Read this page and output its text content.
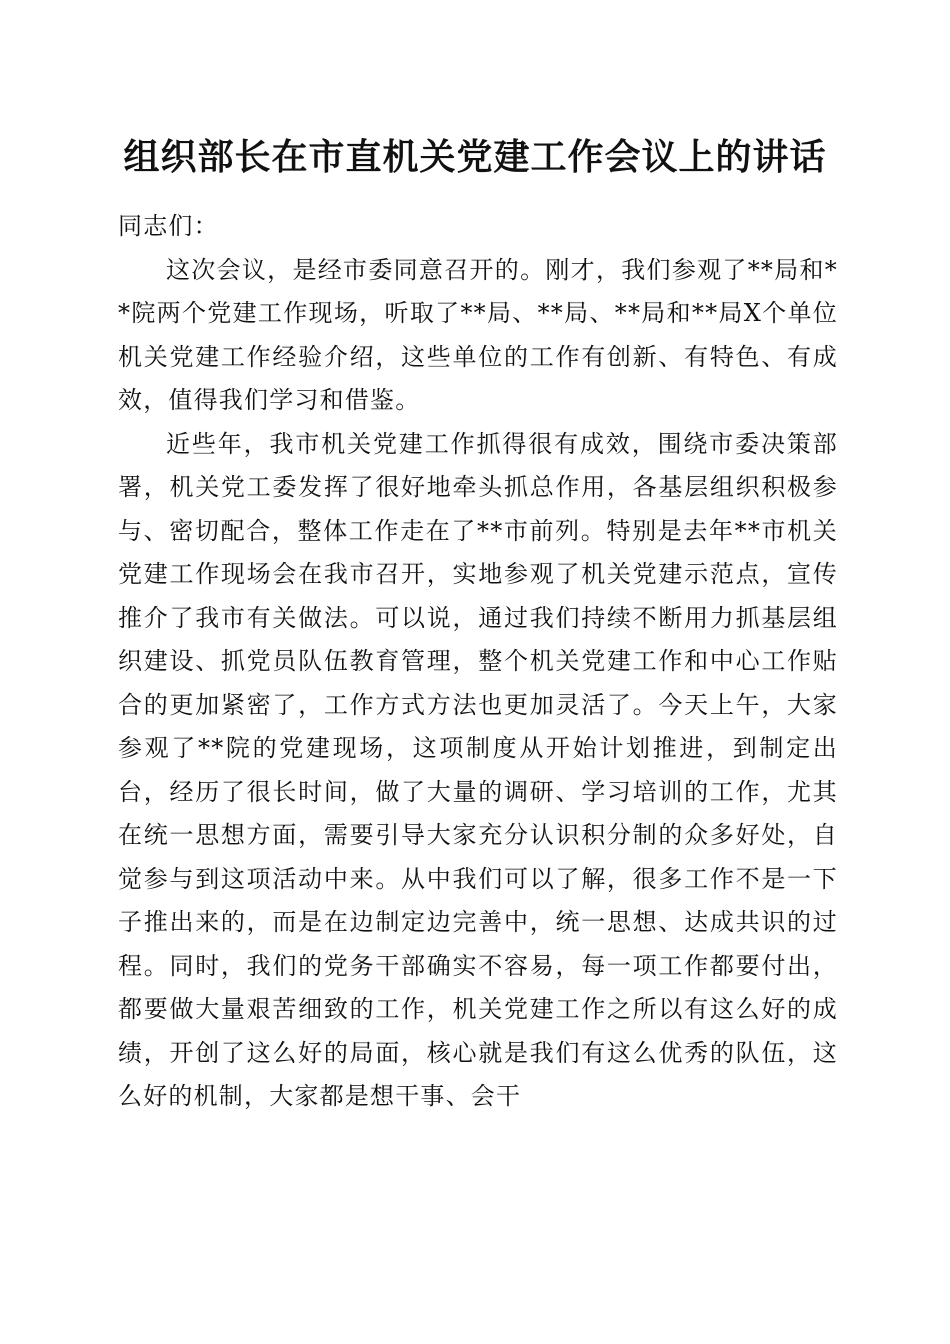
组织部长在市直机关党建工作会议上的讲话

同志们：

这次会议，是经市委同意召开的。刚才，我们参观了**局和**院两个党建工作现场，听取了**局、**局、**局和**局X个单位机关党建工作经验介绍，这些单位的工作有创新、有特色、有成效，值得我们学习和借鉴。

近些年，我市机关党建工作抓得很有成效，围绕市委决策部署，机关党工委发挥了很好地牵头抓总作用，各基层组织积极参与、密切配合，整体工作走在了**市前列。特别是去年**市机关党建工作现场会在我市召开，实地参观了机关党建示范点，宣传推介了我市有关做法。可以说，通过我们持续不断用力抓基层组织建设、抓党员队伍教育管理，整个机关党建工作和中心工作贴合的更加紧密了，工作方式方法也更加灵活了。今天上午，大家参观了**院的党建现场，这项制度从开始计划推进，到制定出台，经历了很长时间，做了大量的调研、学习培训的工作，尤其在统一思想方面，需要引导大家充分认识积分制的众多好处，自觉参与到这项活动中来。从中我们可以了解，很多工作不是一下子推出来的，而是在边制定边完善中，统一思想、达成共识的过程。同时，我们的党务干部确实不容易，每一项工作都要付出，都要做大量艰苦细致的工作，机关党建工作之所以有这么好的成绩，开创了这么好的局面，核心就是我们有这么优秀的队伍，这么好的机制，大家都是想干事、会干
